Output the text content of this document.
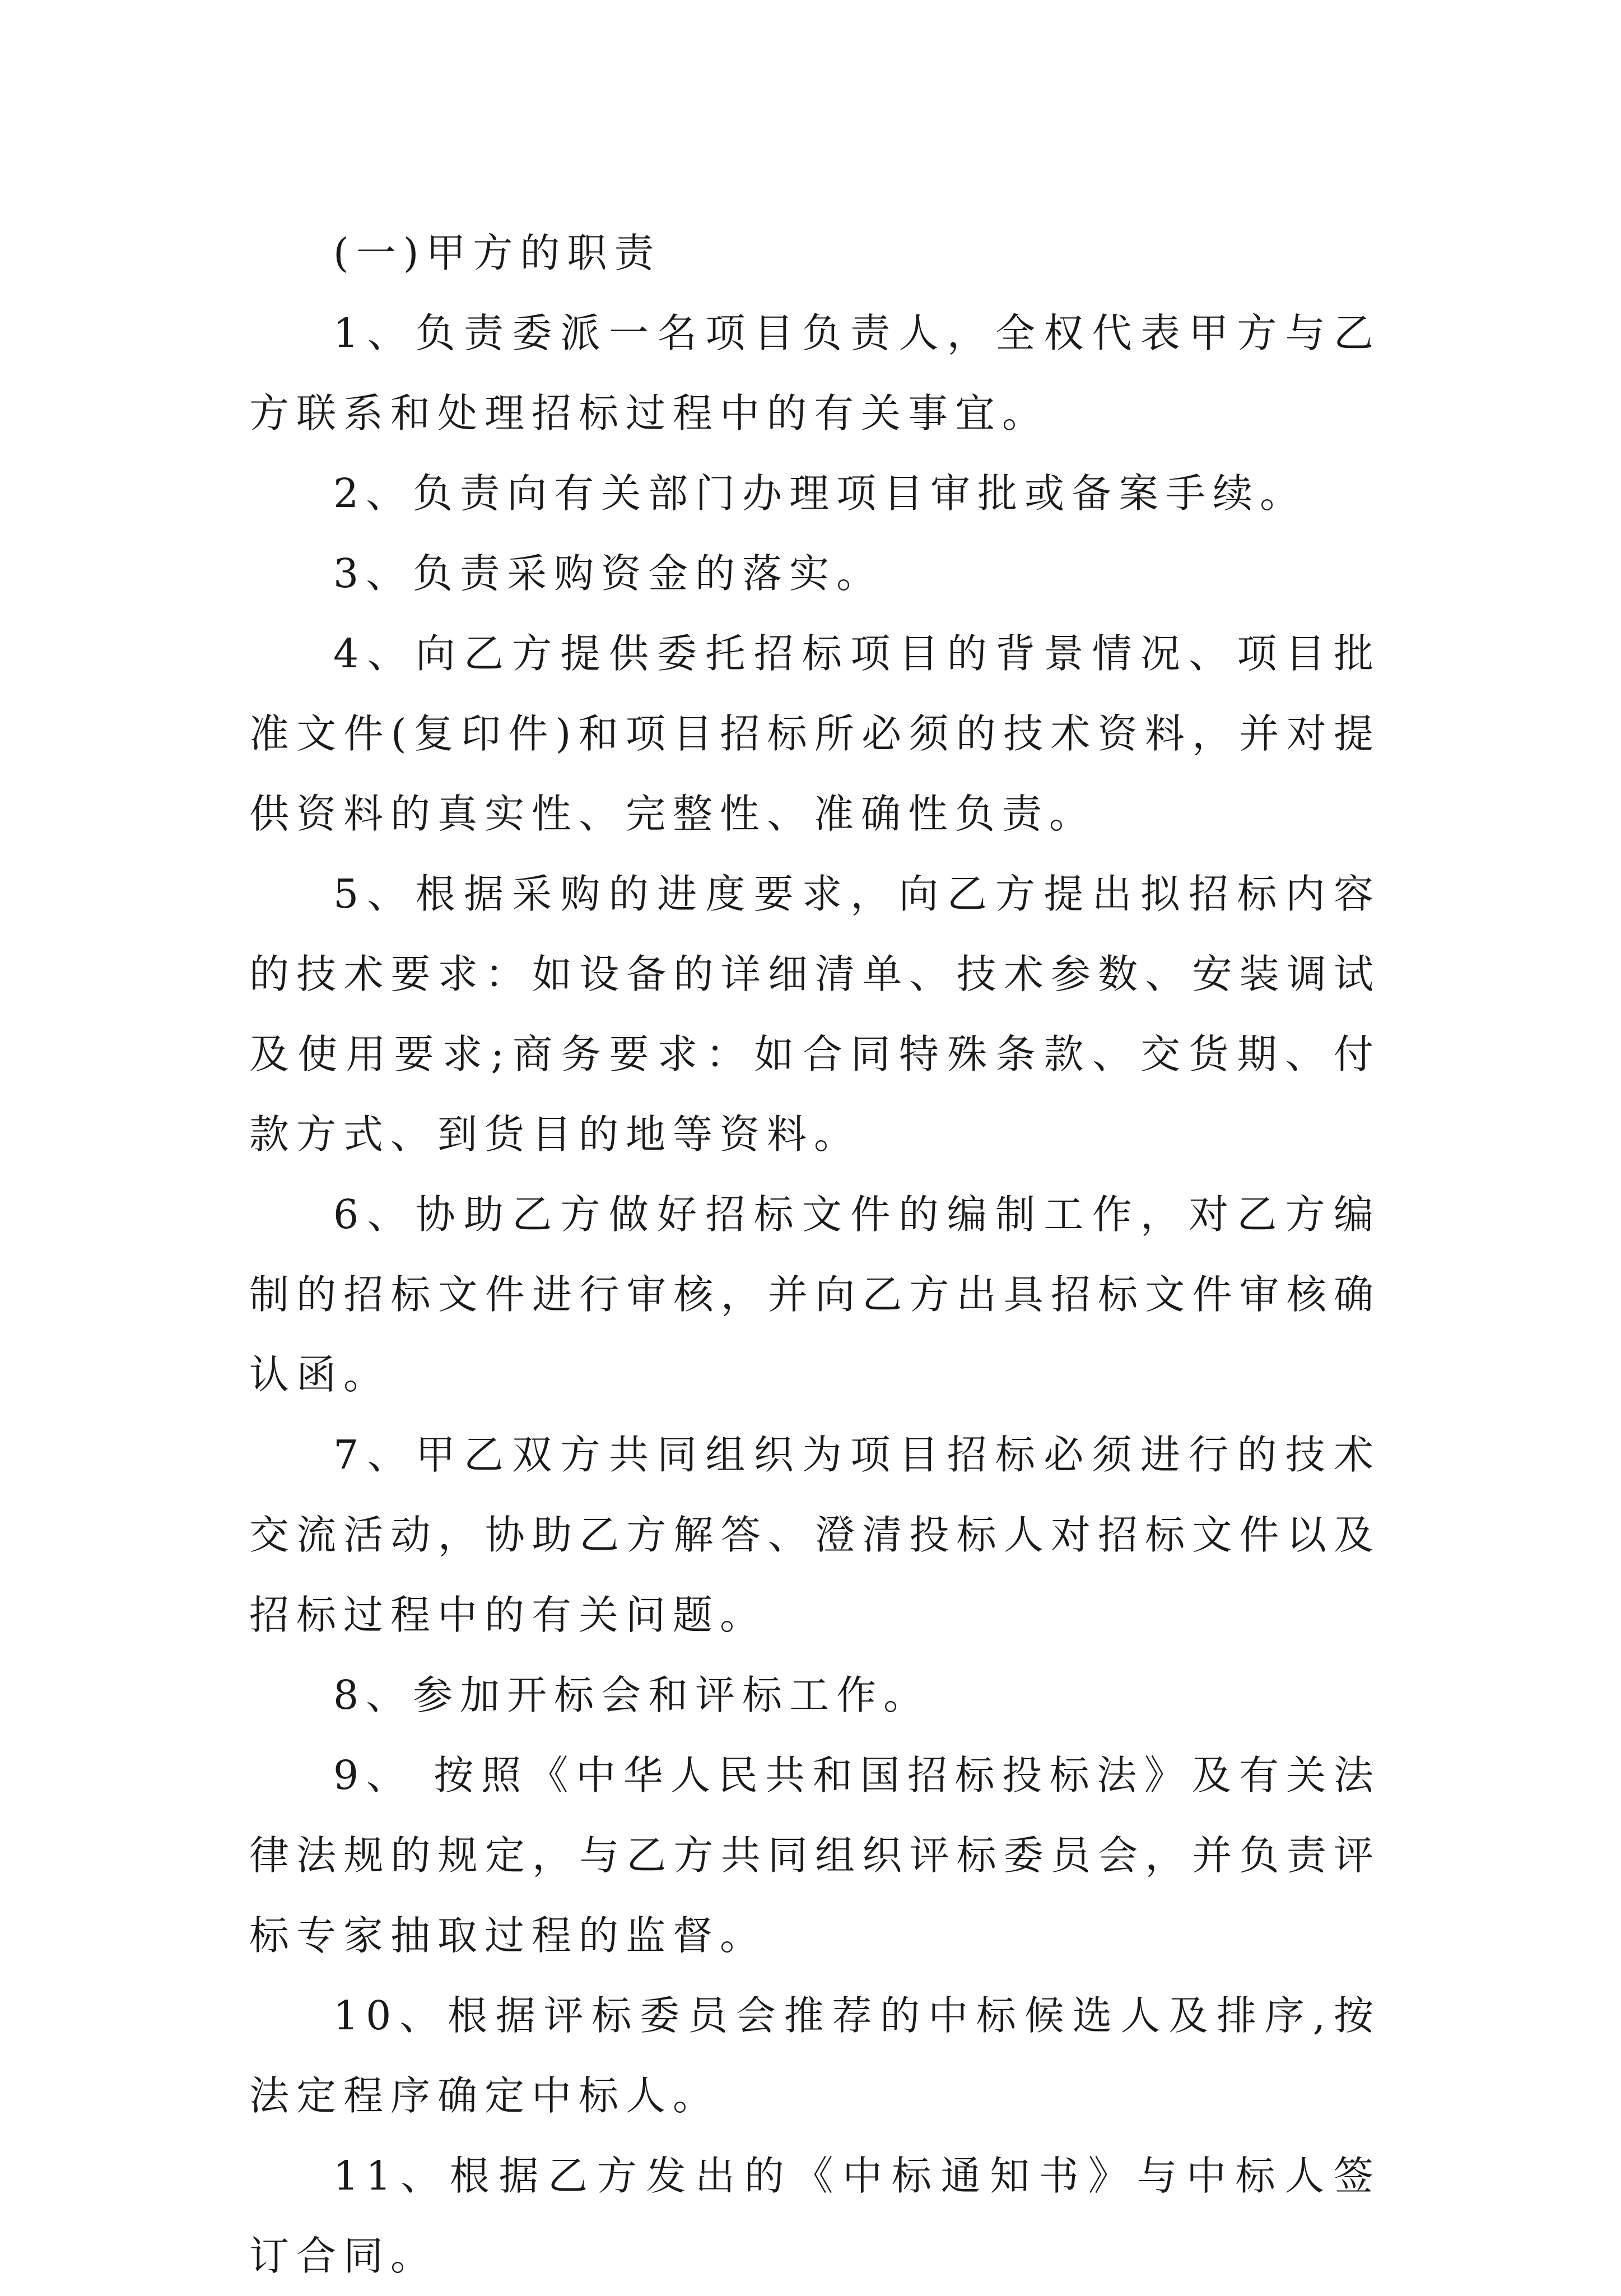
(一)甲方的职责

1、负责委派一名项目负责人，全权代表甲方与乙方联系和处理招标过程中的有关事宜。

2、负责向有关部门办理项目审批或备案手续。

3、负责采购资金的落实。

4、向乙方提供委托招标项目的背景情况、项目批准文件(复印件)和项目招标所必须的技术资料，并对提供资料的真实性、完整性、准确性负责。

5、根据采购的进度要求，向乙方提出拟招标内容的技术要求：如设备的详细清单、技术参数、安装调试及使用要求;商务要求：如合同特殊条款、交货期、付款方式、到货目的地等资料。

6、协助乙方做好招标文件的编制工作，对乙方编制的招标文件进行审核，并向乙方出具招标文件审核确认函。

7、甲乙双方共同组织为项目招标必须进行的技术交流活动，协助乙方解答、澄清投标人对招标文件以及招标过程中的有关问题。

8、参加开标会和评标工作。

9、 按照《中华人民共和国招标投标法》及有关法律法规的规定，与乙方共同组织评标委员会，并负责评标专家抽取过程的监督。

10、根据评标委员会推荐的中标候选人及排序,按法定程序确定中标人。

11、根据乙方发出的《中标通知书》与中标人签订合同。
